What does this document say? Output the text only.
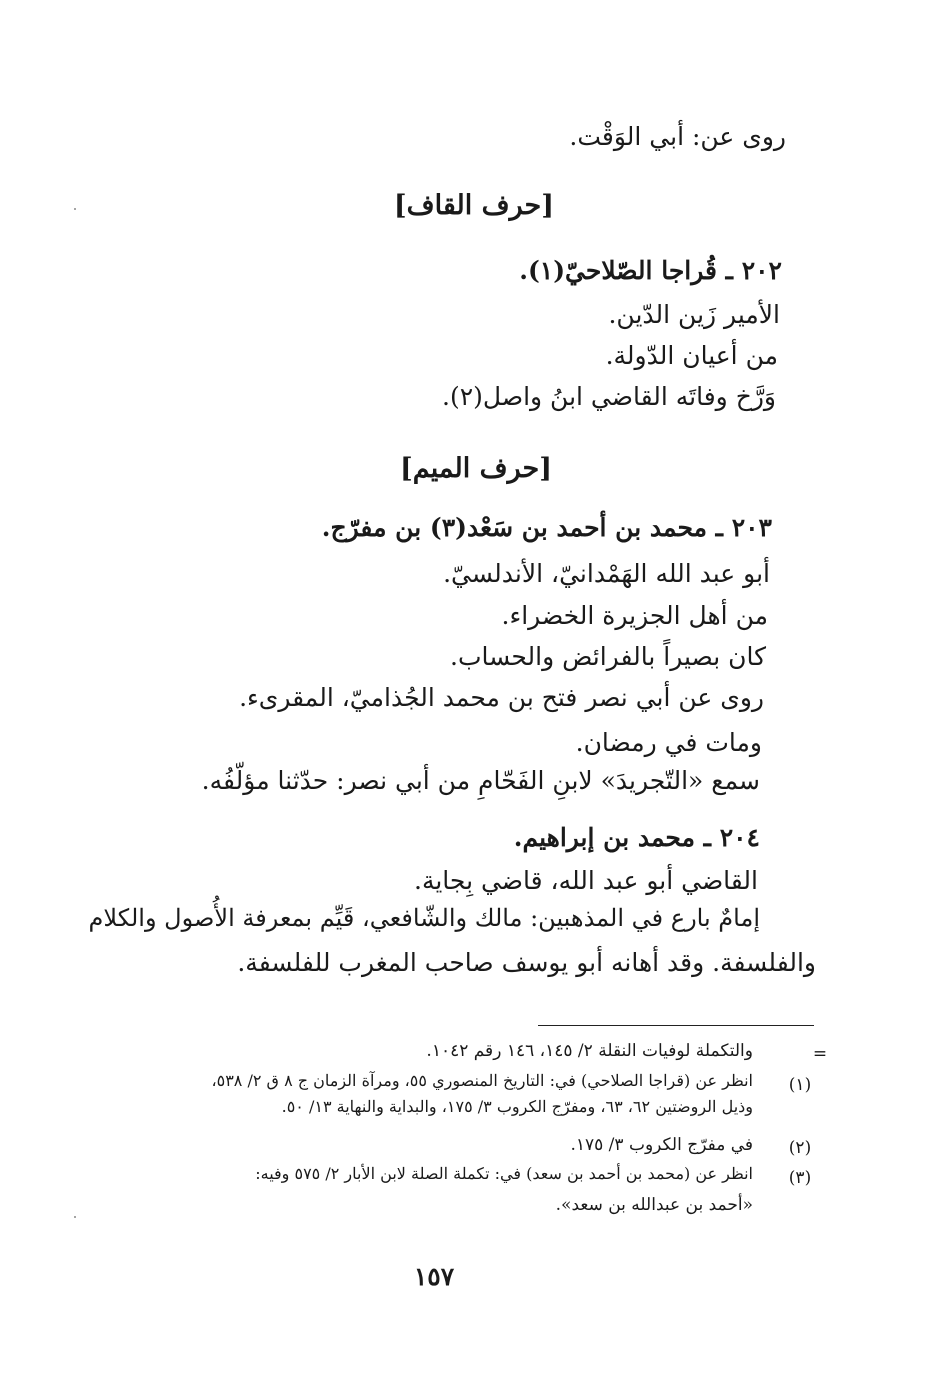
روى عن: أبي الوَقْت.
[حرف القاف]
٢٠٢ ـ قُراجا الصّلاحيّ(١).
الأمير زَين الدّين.
من أعيان الدّولة.
وَرَّخ وفاتَه القاضي ابنُ واصل(٢).
[حرف الميم]
٢٠٣ ـ محمد بن أحمد بن سَعْد(٣) بن مفرّج.
أبو عبد الله الهَمْدانيّ، الأندلسيّ.
من أهل الجزيرة الخضراء.
كان بصيراً بالفرائض والحساب.
روى عن أبي نصر فتح بن محمد الجُذاميّ، المقرىء.
ومات في رمضان.
سمع «التّجريدَ» لابنِ الفَحّامِ من أبي نصر: حدّثنا مؤلّفُه.
٢٠٤ ـ محمد بن إبراهيم.
القاضي أبو عبد الله، قاضي بِجاية.
إمامٌ بارع في المذهبين: مالك والشّافعي، قَيِّم بمعرفة الأُصول والكلام
والفلسفة. وقد أهانه أبو يوسف صاحب المغرب للفلسفة.
=
والتكملة لوفيات النقلة ٢/ ١٤٥، ١٤٦ رقم ١٠٤٢.
(١)
انظر عن (قراجا الصلاحي) في: التاريخ المنصوري ٥٥، ومرآة الزمان ج ٨ ق ٢/ ٥٣٨،
وذيل الروضتين ٦٢، ٦٣، ومفرّج الكروب ٣/ ١٧٥، والبداية والنهاية ١٣/ ٥٠.
(٢)
في مفرّج الكروب ٣/ ١٧٥.
(٣)
انظر عن (محمد بن أحمد بن سعد) في: تكملة الصلة لابن الأبار ٢/ ٥٧٥ وفيه:
«أحمد بن عبدالله بن سعد».
١٥٧
